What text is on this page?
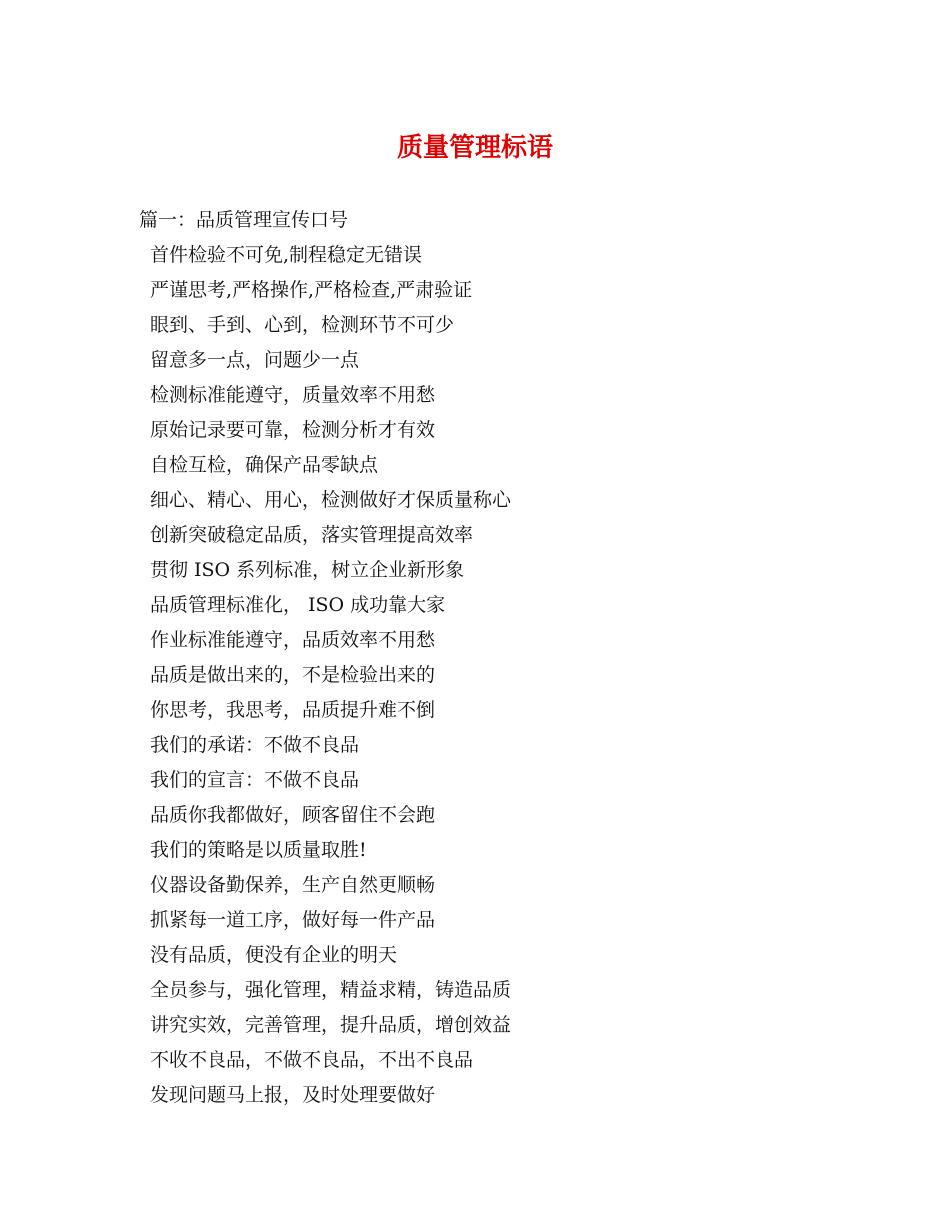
质量管理标语
篇一：品质管理宣传口号
首件检验不可免,制程稳定无错误
严谨思考,严格操作,严格检查,严肃验证
眼到、手到、心到，检测环节不可少
留意多一点，问题少一点
检测标准能遵守，质量效率不用愁
原始记录要可靠，检测分析才有效
自检互检，确保产品零缺点
细心、精心、用心，检测做好才保质量称心
创新突破稳定品质，落实管理提高效率
贯彻 ISO 系列标准，树立企业新形象
品质管理标准化， ISO 成功靠大家
作业标准能遵守，品质效率不用愁
品质是做出来的，不是检验出来的
你思考，我思考，品质提升难不倒
我们的承诺：不做不良品
我们的宣言：不做不良品
品质你我都做好，顾客留住不会跑
我们的策略是以质量取胜!
仪器设备勤保养，生产自然更顺畅
抓紧每一道工序，做好每一件产品
没有品质，便没有企业的明天
全员参与，强化管理，精益求精，铸造品质
讲究实效，完善管理，提升品质，增创效益
不收不良品，不做不良品，不出不良品
发现问题马上报，及时处理要做好
